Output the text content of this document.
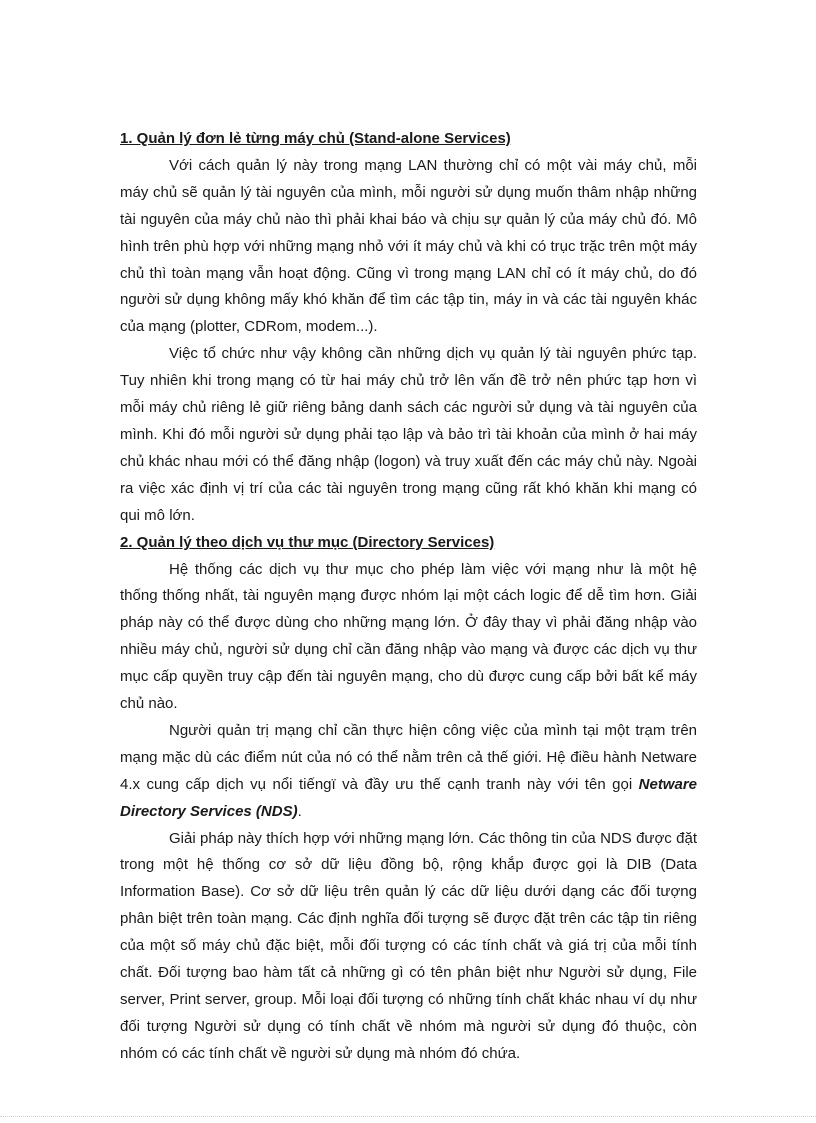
1. Quản lý đơn lẻ từng máy chủ (Stand-alone Services)

Với cách quản lý này trong mạng LAN thường chỉ có một vài máy chủ, mỗi máy chủ sẽ quản lý tài nguyên của mình, mỗi người sử dụng muốn thâm nhập những tài nguyên của máy chủ nào thì phải khai báo và chịu sự quản lý của máy chủ đó. Mô hình trên phù hợp với những mạng nhỏ với ít máy chủ và khi có trục trặc trên một máy chủ thì toàn mạng vẫn hoạt động. Cũng vì trong mạng LAN chỉ có ít máy chủ, do đó người sử dụng không mấy khó khăn để tìm các tập tin, máy in và các tài nguyên khác của mạng (plotter, CDRom, modem...).

Việc tổ chức như vậy không cần những dịch vụ quản lý tài nguyên phức tạp. Tuy nhiên khi trong mạng có từ hai máy chủ trở lên vấn đề trở nên phức tạp hơn vì mỗi máy chủ riêng lẻ giữ riêng bảng danh sách các người sử dụng và tài nguyên của mình. Khi đó mỗi người sử dụng phải tạo lập và bảo trì tài khoản của mình ở hai máy chủ khác nhau mới có thể đăng nhập (logon) và truy xuất đến các máy chủ này. Ngoài ra việc xác định vị trí của các tài nguyên trong mạng cũng rất khó khăn khi mạng có qui mô lớn.

2. Quản lý theo dịch vụ thư mục (Directory Services)

Hệ thống các dịch vụ thư mục cho phép làm việc với mạng như là một hệ thống thống nhất, tài nguyên mạng được nhóm lại một cách logic để dễ tìm hơn. Giải pháp này có thể được dùng cho những mạng lớn. Ở đây thay vì phải đăng nhập vào nhiều máy chủ, người sử dụng chỉ cần đăng nhập vào mạng và được các dịch vụ thư mục cấp quyền truy cập đến tài nguyên mạng, cho dù được cung cấp bởi bất kể máy chủ nào.

Người quản trị mạng chỉ cần thực hiện công việc của mình tại một trạm trên mạng mặc dù các điểm nút của nó có thể nằm trên cả thế giới. Hệ điều hành Netware 4.x cung cấp dịch vụ nổi tiếngï và đầy ưu thế cạnh tranh này với tên gọi Netware Directory Services (NDS).

Giải pháp này thích hợp với những mạng lớn. Các thông tin của NDS được đặt trong một hệ thống cơ sở dữ liệu đồng bộ, rộng khắp được gọi là DIB (Data Information Base). Cơ sở dữ liệu trên quản lý các dữ liệu dưới dạng các đối tượng phân biệt trên toàn mạng. Các định nghĩa đối tượng sẽ được đặt trên các tập tin riêng của một số máy chủ đặc biệt, mỗi đối tượng có các tính chất và giá trị của mỗi tính chất. Đối tượng bao hàm tất cả những gì có tên phân biệt như Người sử dụng, File server, Print server, group. Mỗi loại đối tượng có những tính chất khác nhau ví dụ như đối tượng Người sử dụng có tính chất về nhóm mà người sử dụng đó thuộc, còn nhóm có các tính chất về người sử dụng mà nhóm đó chứa.
